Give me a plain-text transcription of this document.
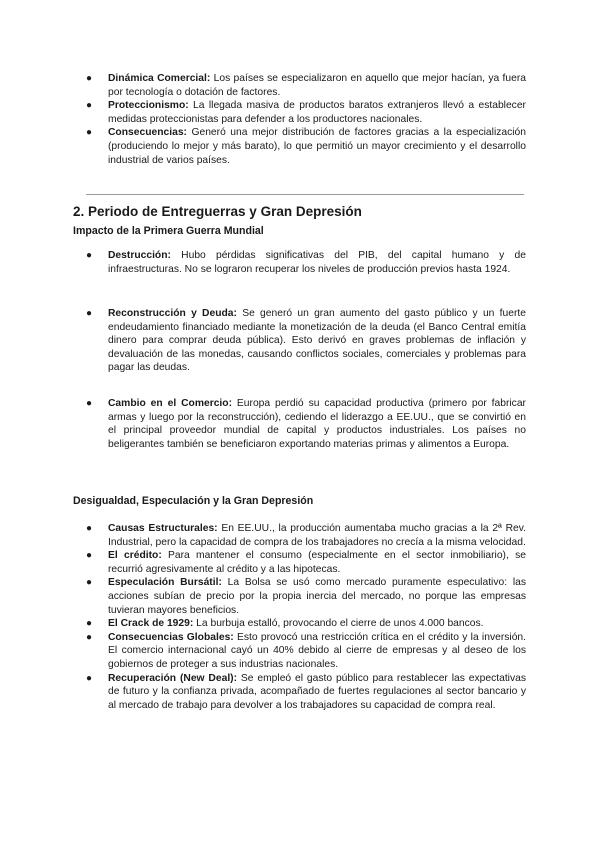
● Dinámica Comercial: Los países se especializaron en aquello que mejor hacían, ya fuera por tecnología o dotación de factores.
● Proteccionismo: La llegada masiva de productos baratos extranjeros llevó a establecer medidas proteccionistas para defender a los productores nacionales.
● Consecuencias: Generó una mejor distribución de factores gracias a la especialización (produciendo lo mejor y más barato), lo que permitió un mayor crecimiento y el desarrollo industrial de varios países.
2. Periodo de Entreguerras y Gran Depresión
Impacto de la Primera Guerra Mundial
● Destrucción: Hubo pérdidas significativas del PIB, del capital humano y de infraestructuras. No se lograron recuperar los niveles de producción previos hasta 1924.
● Reconstrucción y Deuda: Se generó un gran aumento del gasto público y un fuerte endeudamiento financiado mediante la monetización de la deuda (el Banco Central emitía dinero para comprar deuda pública). Esto derivó en graves problemas de inflación y devaluación de las monedas, causando conflictos sociales, comerciales y problemas para pagar las deudas.
● Cambio en el Comercio: Europa perdió su capacidad productiva (primero por fabricar armas y luego por la reconstrucción), cediendo el liderazgo a EE.UU., que se convirtió en el principal proveedor mundial de capital y productos industriales. Los países no beligerantes también se beneficiaron exportando materias primas y alimentos a Europa.
Desigualdad, Especulación y la Gran Depresión
● Causas Estructurales: En EE.UU., la producción aumentaba mucho gracias a la 2ª Rev. Industrial, pero la capacidad de compra de los trabajadores no crecía a la misma velocidad.
● El crédito: Para mantener el consumo (especialmente en el sector inmobiliario), se recurrió agresivamente al crédito y a las hipotecas.
● Especulación Bursátil: La Bolsa se usó como mercado puramente especulativo: las acciones subían de precio por la propia inercia del mercado, no porque las empresas tuvieran mayores beneficios.
● El Crack de 1929: La burbuja estalló, provocando el cierre de unos 4.000 bancos.
● Consecuencias Globales: Esto provocó una restricción crítica en el crédito y la inversión. El comercio internacional cayó un 40% debido al cierre de empresas y al deseo de los gobiernos de proteger a sus industrias nacionales.
● Recuperación (New Deal): Se empleó el gasto público para restablecer las expectativas de futuro y la confianza privada, acompañado de fuertes regulaciones al sector bancario y al mercado de trabajo para devolver a los trabajadores su capacidad de compra real.
